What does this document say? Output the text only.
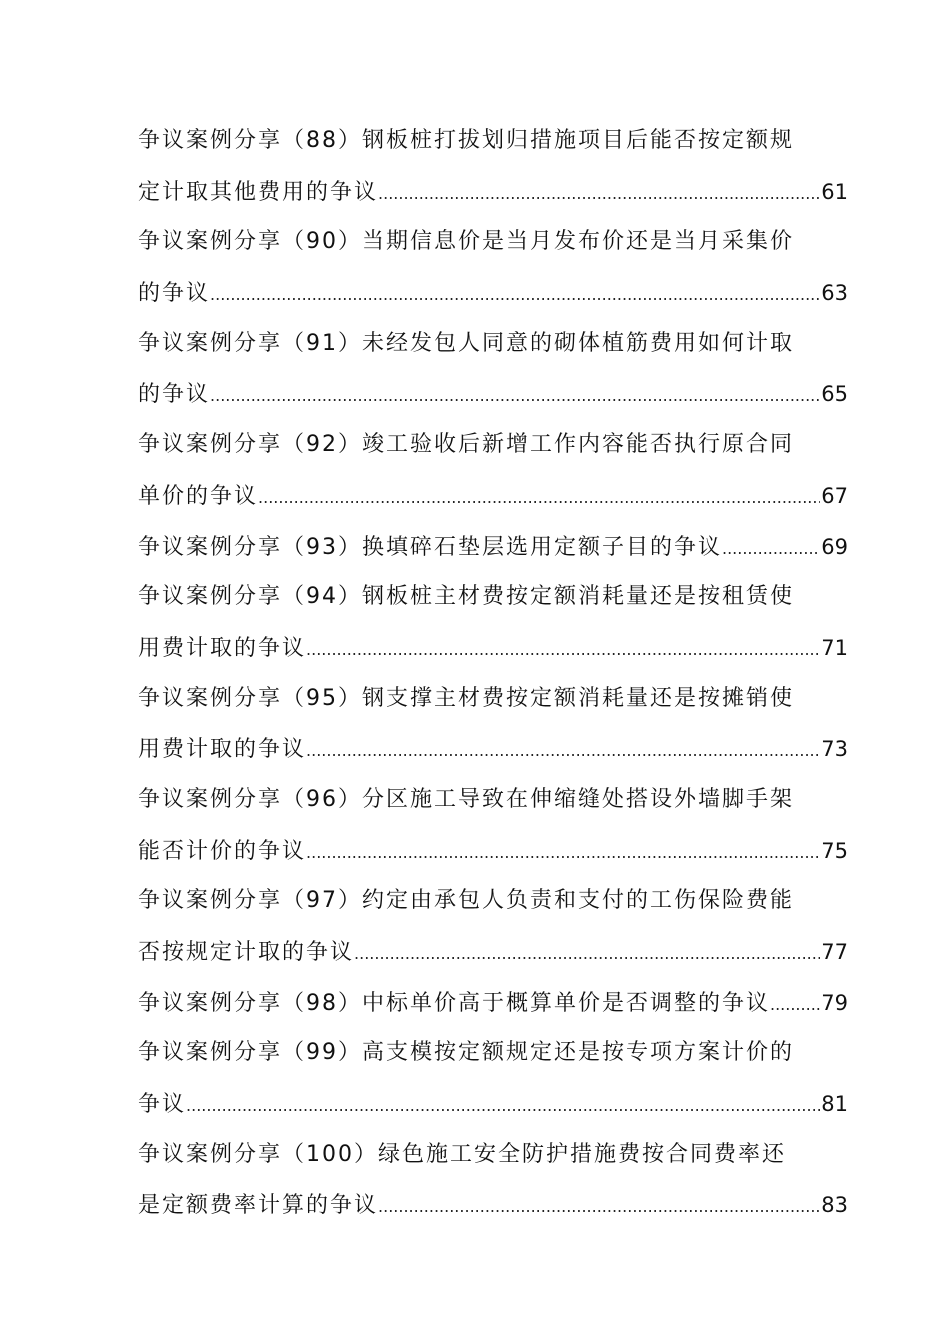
争议案例分享（88）钢板桩打拔划归措施项目后能否按定额规
定计取其他费用的争议 .....	61
争议案例分享（90）当期信息价是当月发布价还是当月采集价
的争议 .....	63
争议案例分享（91）未经发包人同意的砌体植筋费用如何计取
的争议 .....	65
争议案例分享（92）竣工验收后新增工作内容能否执行原合同
单价的争议 .....	67
争议案例分享（93）换填碎石垫层选用定额子目的争议 .....	69
争议案例分享（94）钢板桩主材费按定额消耗量还是按租赁使
用费计取的争议 .....	71
争议案例分享（95）钢支撑主材费按定额消耗量还是按摊销使
用费计取的争议 .....	73
争议案例分享（96）分区施工导致在伸缩缝处搭设外墙脚手架
能否计价的争议 .....	75
争议案例分享（97）约定由承包人负责和支付的工伤保险费能
否按规定计取的争议 .....	77
争议案例分享（98）中标单价高于概算单价是否调整的争议 ..... 79
争议案例分享（99）高支模按定额规定还是按专项方案计价的
争议 .....	81
争议案例分享（100）绿色施工安全防护措施费按合同费率还
是定额费率计算的争议 .....	83
